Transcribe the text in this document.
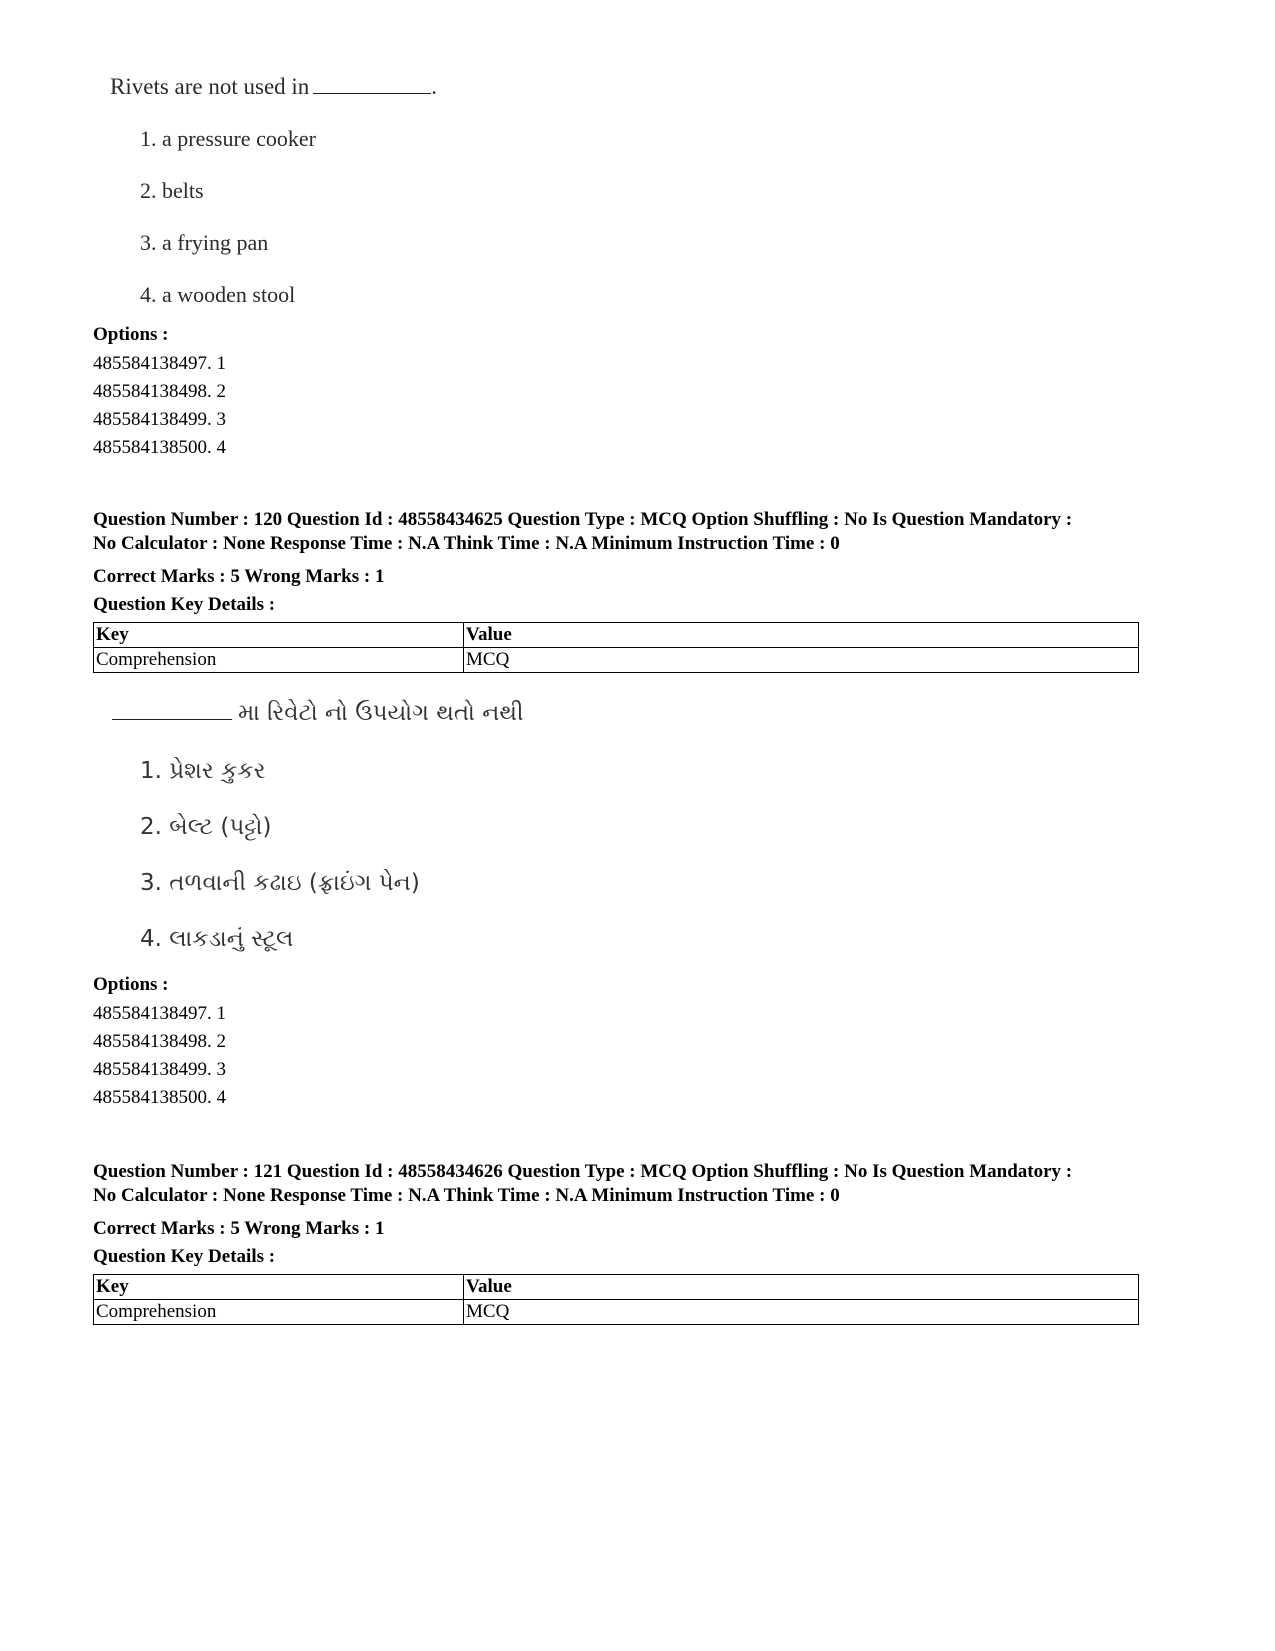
Rivets are not used in	.
1. a pressure cooker
2. belts
3. a frying pan
4. a wooden stool
Options :
485584138497. 1
485584138498. 2
485584138499. 3
485584138500. 4
Question Number : 120 Question Id : 48558434625 Question Type : MCQ Option Shuffling : No Is Question Mandatory :
No Calculator : None Response Time : N.A Think Time : N.A Minimum Instruction Time : 0
Correct Marks : 5 Wrong Marks : 1
Question Key Details :
Key	Value
Comprehension	MCQ
મા રિવેટો નો ઉપયોગ થતો નથી
1. પ્રેશર કુકર
2. બેલ્ટ (પટ્ટો)
3. તળવાની કઢાઇ (ફ્રાઇંગ પેન)
4. લાકડાનું સ્ટૂલ
Options :
485584138497. 1
485584138498. 2
485584138499. 3
485584138500. 4
Question Number : 121 Question Id : 48558434626 Question Type : MCQ Option Shuffling : No Is Question Mandatory :
No Calculator : None Response Time : N.A Think Time : N.A Minimum Instruction Time : 0
Correct Marks : 5 Wrong Marks : 1
Question Key Details :
Key	Value
Comprehension	MCQ
